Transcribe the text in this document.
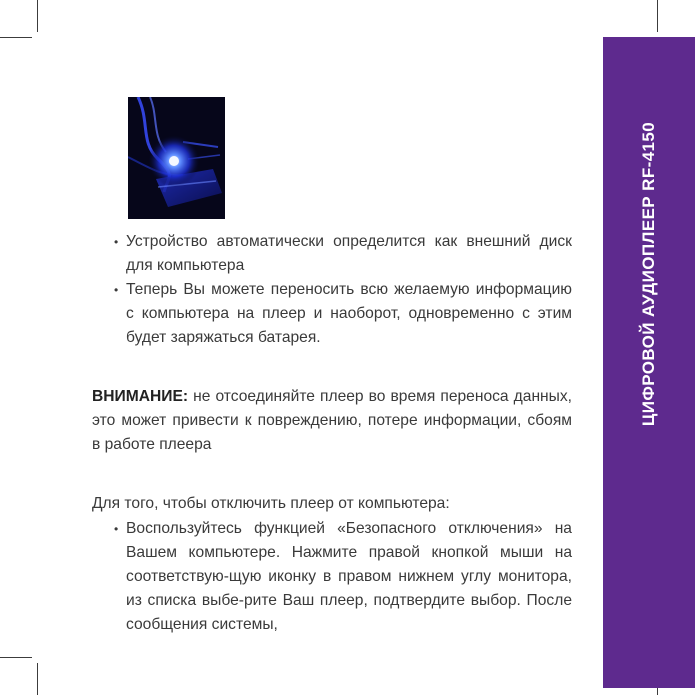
ЦИФРОВОЙ АУДИОПЛЕЕР RF-4150
• Устройство автоматически определится как внешний диск для компьютера
• Теперь Вы можете переносить всю желаемую информацию с компьютера на плеер и наоборот, одновременно с этим будет заряжаться батарея.

ВНИМАНИЕ: не отсоединяйте плеер во время переноса данных, это может привести к повреждению, потере информации, сбоям в работе плеера

Для того, чтобы отключить плеер от компьютера:

• Воспользуйтесь функцией «Безопасного отключения» на Вашем компьютере. Нажмите правой кнопкой мыши на соответствую-щую иконку в правом нижнем углу монитора, из списка выбе-рите Ваш плеер, подтвердите выбор. После сообщения системы,
